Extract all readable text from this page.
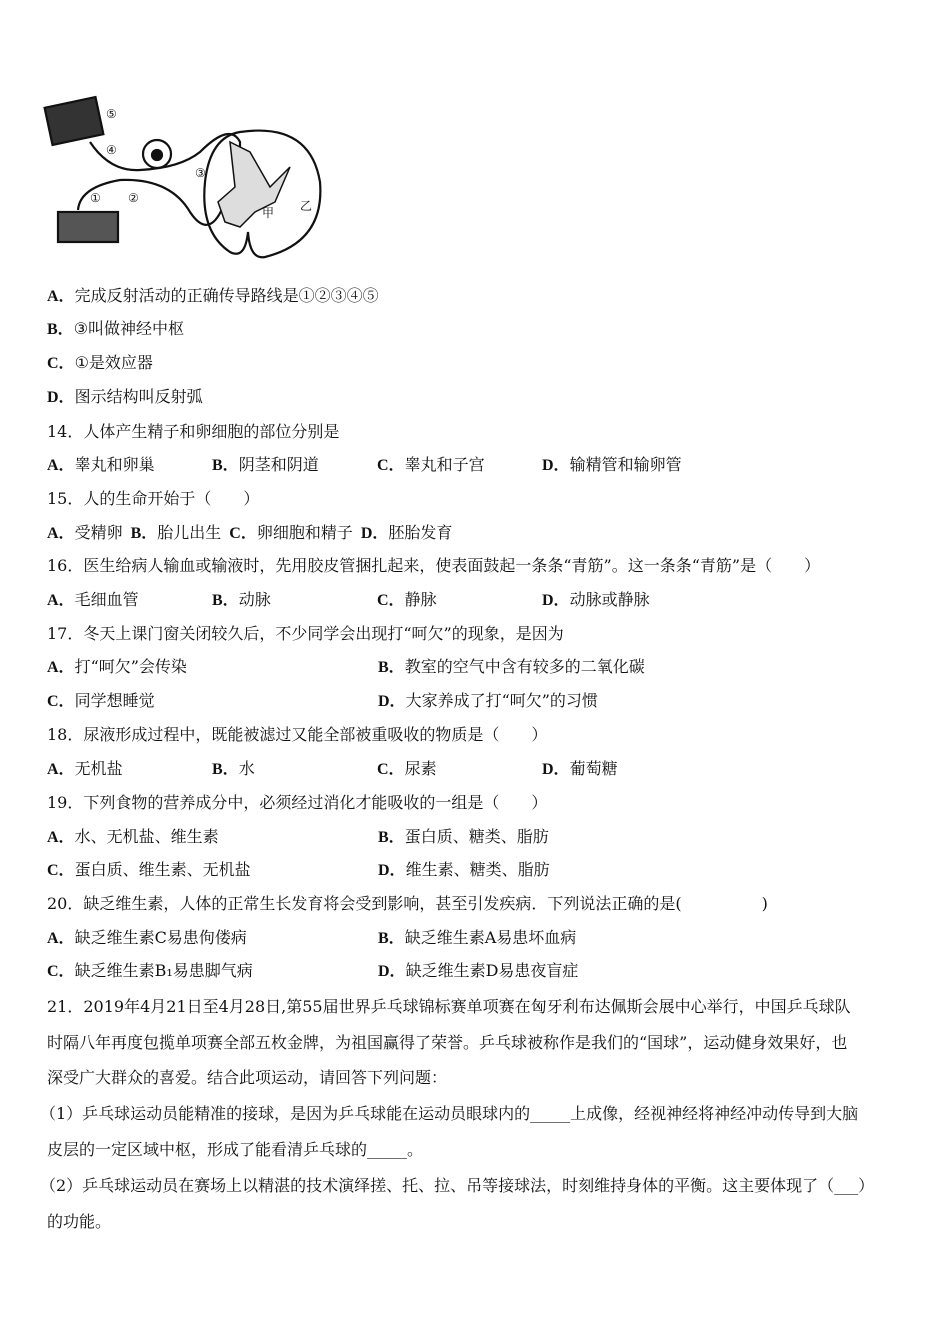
⑤
④
① ②
③
甲 乙
A．完成反射活动的正确传导路线是①②③④⑤
B．③叫做神经中枢
C．①是效应器
D．图示结构叫反射弧
14．人体产生精子和卵细胞的部位分别是
A．睾丸和卵巢	B．阴茎和阴道	C．睾丸和子宫	D．输精管和输卵管
15．人的生命开始于（　　）
A．受精卵 B．胎儿出生 C．卵细胞和精子 D．胚胎发育
16．医生给病人输血或输液时，先用胶皮管捆扎起来，使表面鼓起一条条“青筋”。这一条条“青筋”是（　　）
A．毛细血管	B．动脉	C．静脉	D．动脉或静脉
17．冬天上课门窗关闭较久后，不少同学会出现打“呵欠”的现象，是因为
A．打“呵欠”会传染	B．教室的空气中含有较多的二氧化碳
C．同学想睡觉	D．大家养成了打“呵欠”的习惯
18．尿液形成过程中，既能被滤过又能全部被重吸收的物质是（　　）
A．无机盐	B．水	C．尿素	D．葡萄糖
19．下列食物的营养成分中，必须经过消化才能吸收的一组是（　　）
A．水、无机盐、维生素	B．蛋白质、糖类、脂肪
C．蛋白质、维生素、无机盐	D．维生素、糖类、脂肪
20．缺乏维生素，人体的正常生长发育将会受到影响，甚至引发疾病．下列说法正确的是(　　　　　)
A．缺乏维生素C易患佝偻病	B．缺乏维生素A易患坏血病
C．缺乏维生素B₁易患脚气病	D．缺乏维生素D易患夜盲症
21．2019年4月21日至4月28日,第55届世界乒乓球锦标赛单项赛在匈牙利布达佩斯会展中心举行，中国乒乓球队
时隔八年再度包揽单项赛全部五枚金牌，为祖国赢得了荣誉。乒乓球被称作是我们的“国球”，运动健身效果好，也
深受广大群众的喜爱。结合此项运动，请回答下列问题：
（1）乒乓球运动员能精准的接球，是因为乒乓球能在运动员眼球内的_____上成像，经视神经将神经冲动传导到大脑
皮层的一定区域中枢，形成了能看清乒乓球的_____。
（2）乒乓球运动员在赛场上以精湛的技术演绎搓、托、拉、吊等接球法，时刻维持身体的平衡。这主要体现了（___）
的功能。
